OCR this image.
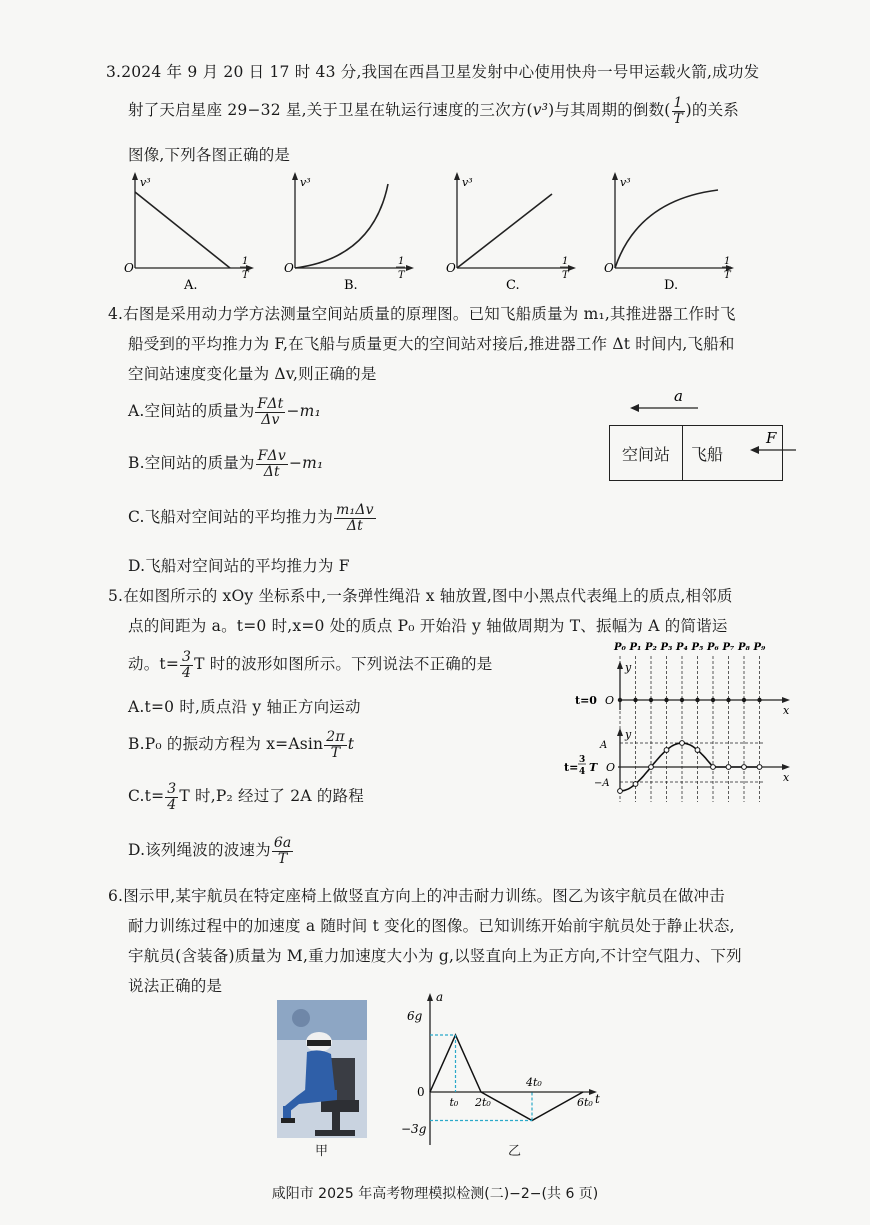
3.2024 年 9 月 20 日 17 时 43 分,我国在西昌卫星发射中心使用快舟一号甲运载火箭,成功发
射了天启星座 29−32 星,关于卫星在轨运行速度的三次方(v³)与其周期的倒数( $\frac{1}{T}$ )的关系
图像,下列各图正确的是
v³
O	1
T
A.
v³
O	1
T
B.
v³
O	1
T
C.
v³
O	1
T
D.
4.右图是采用动力学方法测量空间站质量的原理图。已知飞船质量为 m₁,其推进器工作时飞
船受到的平均推力为 F,在飞船与质量更大的空间站对接后,推进器工作 Δt 时间内,飞船和
空间站速度变化量为 Δv,则正确的是
A.空间站的质量为 $\frac{\text{FΔt}}{\Delta v} -m_1$
B.空间站的质量为 $\frac{\text{FΔv}}{\Delta t} -m_1$
C.飞船对空间站的平均推力为 $\frac{\text{m₁Δv}}{\Delta t}$
D.飞船对空间站的平均推力为 F
a
F
空间站	飞船
5.在如图所示的 xOy 坐标系中,一条弹性绳沿 x 轴放置,图中小黑点代表绳上的质点,相邻质
点的间距为 a。t=0 时,x=0 处的质点 P₀ 开始沿 y 轴做周期为 T、振幅为 A 的简谐运
动。$t= \frac{3}{4}$ T 时的波形如图所示。下列说法不正确的是
A.t=0 时,质点沿 y 轴正方向运动
B.P₀ 的振动方程为 $x=Asin \frac{2\pi}{T}$ t
$C.t= \frac{3}{4}$ T 时,P₂ 经过了 2A 的路程
D.该列绳波的波速为 $\frac{6a}{T}$
P₀ P₁ P₂ P₃ P₄ P₅ P₆ P₇ P₈ P₉
y
x
t=0 O
y
x
O
A
−A
t=
3
4 T
6.图示甲,某宇航员在特定座椅上做竖直方向上的冲击耐力训练。图乙为该宇航员在做冲击
耐力训练过程中的加速度 a 随时间 t 变化的图像。已知训练开始前宇航员处于静止状态,
宇航员(含装备)质量为 M,重力加速度大小为 g,以竖直向上为正方向,不计空气阻力、下列
说法正确的是
甲
a
t
0
6g
−3g
t₀ 2t₀
4t₀
6t₀
乙
咸阳市 2025 年高考物理模拟检测(二)−2−(共 6 页)
